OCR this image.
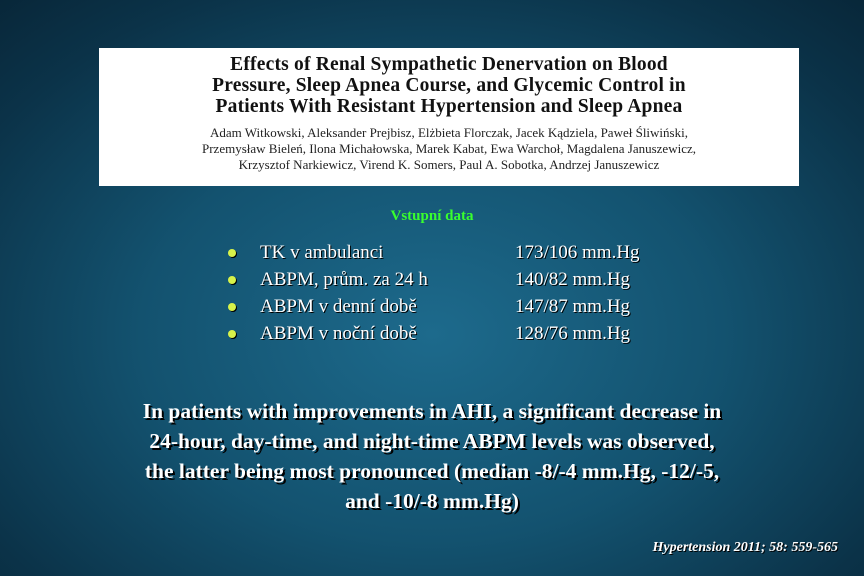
Effects of Renal Sympathetic Denervation on Blood
Pressure, Sleep Apnea Course, and Glycemic Control in
Patients With Resistant Hypertension and Sleep Apnea

Adam Witkowski, Aleksander Prejbisz, Elżbieta Florczak, Jacek Kądziela, Paweł Śliwiński,
Przemysław Bieleń, Ilona Michałowska, Marek Kabat, Ewa Warchoł, Magdalena Januszewicz,
Krzysztof Narkiewicz, Virend K. Somers, Paul A. Sobotka, Andrzej Januszewicz

Vstupní data
TK v ambulanci	173/106 mm.Hg
ABPM, prům. za 24 h	140/82 mm.Hg
ABPM v denní době	147/87 mm.Hg
ABPM v noční době	128/76 mm.Hg

In patients with improvements in AHI, a significant decrease in
24-hour, day-time, and night-time ABPM levels was observed,
the latter being most pronounced (median -8/-4 mm.Hg, -12/-5,
and -10/-8 mm.Hg)

Hypertension 2011; 58: 559-565
